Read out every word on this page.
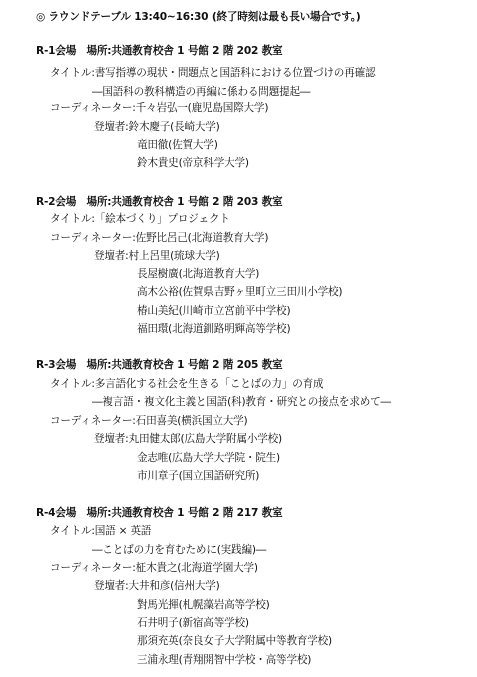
◎ ラウンドテーブル 13:40~16:30 (終了時刻は最も長い場合です。)
R-1会場　場所:共通教育校舎 1 号館 2 階 202 教室
タイトル:書写指導の現状・問題点と国語科における位置づけの再確認
―国語科の教科構造の再編に係わる問題提起―
コーディネーター:千々岩弘一(鹿児島国際大学)
登壇者:鈴木慶子(長崎大学)
竜田徹(佐賀大学)
鈴木貴史(帝京科学大学)
R-2会場　場所:共通教育校舎 1 号館 2 階 203 教室
タイトル:「絵本づくり」プロジェクト
コーディネーター:佐野比呂己(北海道教育大学)
登壇者:村上呂里(琉球大学)
長屋樹廣(北海道教育大学)
高木公裕(佐賀県吉野ヶ里町立三田川小学校)
椿山美紀(川崎市立宮前平中学校)
福田環(北海道釧路明輝高等学校)
R-3会場　場所:共通教育校舎 1 号館 2 階 205 教室
タイトル:多言語化する社会を生きる「ことばの力」の育成
―複言語・複文化主義と国語(科)教育・研究との接点を求めて―
コーディネーター:石田喜美(横浜国立大学)
登壇者:丸田健太郎(広島大学附属小学校)
金志唯(広島大学大学院・院生)
市川章子(国立国語研究所)
R-4会場　場所:共通教育校舎 1 号館 2 階 217 教室
タイトル:国語 × 英語
―ことばの力を育むために(実践編)―
コーディネーター:柾木貴之(北海道学園大学)
登壇者:大井和彦(信州大学)
對馬光揮(札幌藻岩高等学校)
石井明子(新宿高等学校)
那須充英(奈良女子大学附属中等教育学校)
三浦永理(青翔開智中学校・高等学校)
